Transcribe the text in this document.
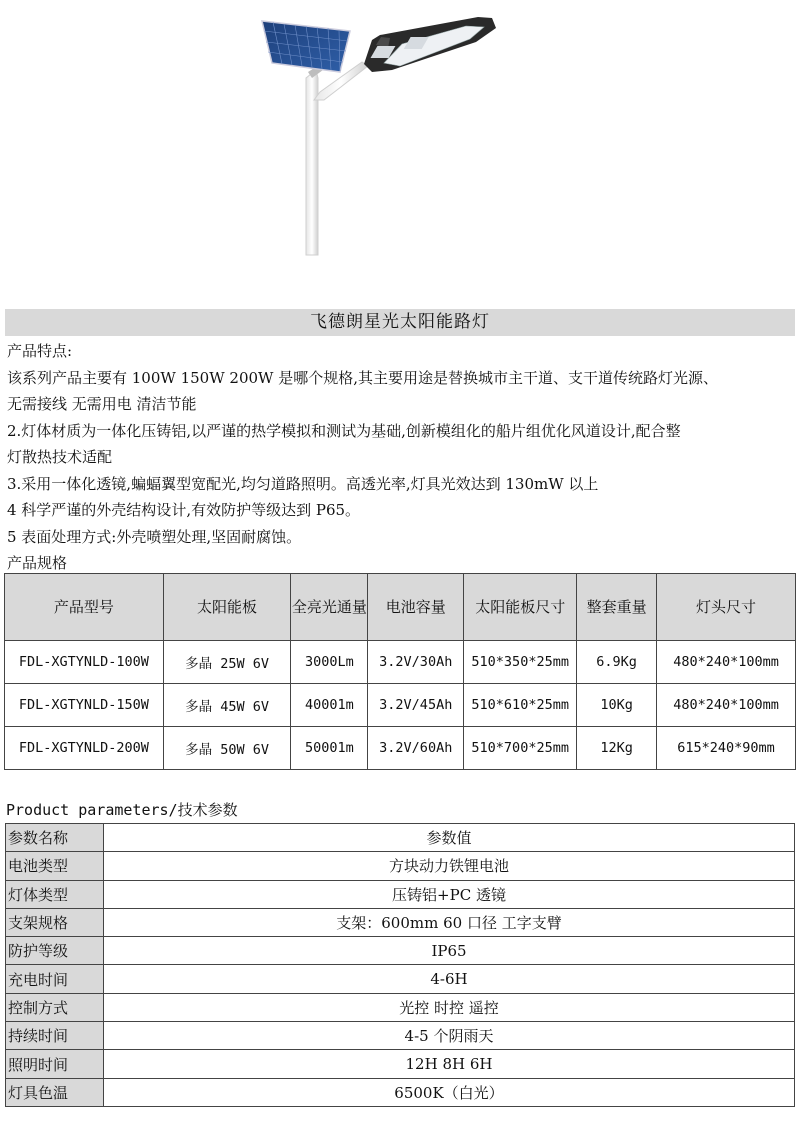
飞德朗星光太阳能路灯
产品特点:
该系列产品主要有 100W 150W 200W 是哪个规格,其主要用途是替换城市主干道、支干道传统路灯光源、
无需接线 无需用电 清洁节能
2.灯体材质为一体化压铸铝,以严谨的热学模拟和测试为基础,创新模组化的船片组优化风道设计,配合整
灯散热技术适配
3.采用一体化透镜,蝙蝠翼型宽配光,均匀道路照明。高透光率,灯具光效达到 130mW 以上
4 科学严谨的外壳结构设计,有效防护等级达到 P65。
5 表面处理方式:外壳喷塑处理,坚固耐腐蚀。
产品规格
产品型号	太阳能板	全亮光通量	电池容量	太阳能板尺寸	整套重量	灯头尺寸
FDL-XGTYNLD-100W	多晶 25W 6V	3000Lm	3.2V/30Ah	510*350*25mm	6.9Kg	480*240*100mm
FDL-XGTYNLD-150W	多晶 45W 6V	40001m	3.2V/45Ah	510*610*25mm	10Kg	480*240*100mm
FDL-XGTYNLD-200W	多晶 50W 6V	50001m	3.2V/60Ah	510*700*25mm	12Kg	615*240*90mm
Product parameters/技术参数
参数名称	参数值
电池类型	方块动力铁锂电池
灯体类型	压铸铝+PC 透镜
支架规格	支架：600mm 60 口径 工字支臂
防护等级	IP65
充电时间	4-6H
控制方式	光控 时控 遥控
持续时间	4-5 个阴雨天
照明时间	12H 8H 6H
灯具色温	6500K（白光）
